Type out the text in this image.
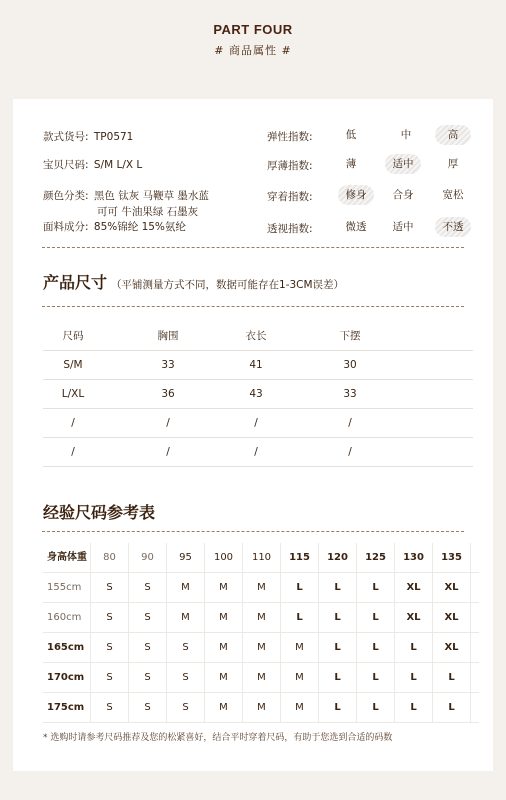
PART FOUR
# 商品属性 #
款式货号: TP0571
宝贝尺码: S/M L/X L
颜色分类: 黑色 钛灰 马鞭草 墨水蓝
可可 牛油果绿 石墨灰
面料成分: 85%锦纶 15%氨纶
弹性指数:	低	中	高
厚薄指数:	薄	适中	厚
穿着指数:	修身	合身	宽松
透视指数:	微透	适中	不透
产品尺寸 （平铺测量方式不同，数据可能存在1-3CM误差）
尺码	胸围	衣长	下摆
S/M	33	41	30
L/XL	36	43	33
/	/	/	/
/	/	/	/
经验尺码参考表
身高体重	80	90	95	100	110	115	120	125	130	135
155cm	S	S	M	M	M	L	L	L	XL	XL
160cm	S	S	M	M	M	L	L	L	XL	XL
165cm	S	S	S	M	M	M	L	L	L	XL
170cm	S	S	S	M	M	M	L	L	L	L
175cm	S	S	S	M	M	M	L	L	L	L
* 选购时请参考尺码推荐及您的松紧喜好，结合平时穿着尺码，有助于您选到合适的码数
